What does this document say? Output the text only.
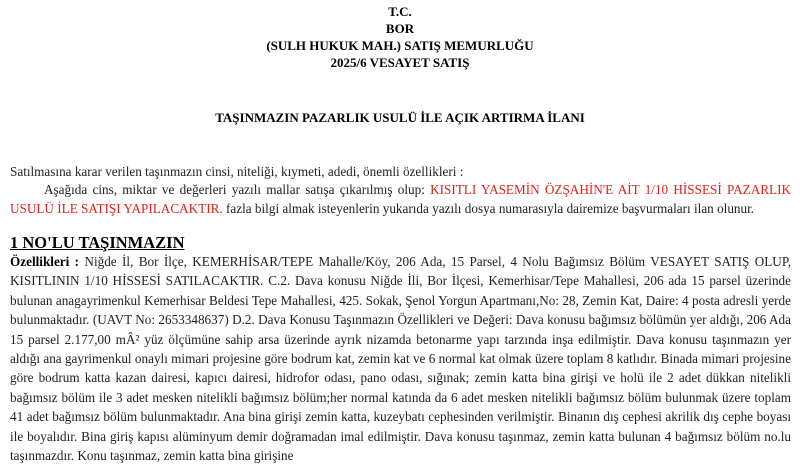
T.C.
BOR
(SULH HUKUK MAH.) SATIŞ MEMURLUĞU
2025/6 VESAYET SATIŞ
TAŞINMAZIN PAZARLIK USULÜ İLE AÇIK ARTIRMA İLANI

Satılmasına karar verilen taşınmazın cinsi, niteliği, kıymeti, adedi, önemli özellikleri :

Aşağıda cins, miktar ve değerleri yazılı mallar satışa çıkarılmış olup: KISITLI YASEMİN ÖZŞAHİN'E AİT 1/10 HİSSESİ PAZARLIK USULÜ İLE SATIŞI YAPILACAKTIR. fazla bilgi almak isteyenlerin yukarıda yazılı dosya numarasıyla dairemize başvurmaları ilan olunur.

1 NO'LU TAŞINMAZIN

Özellikleri : Niğde İl, Bor İlçe, KEMERHİSAR/TEPE Mahalle/Köy, 206 Ada, 15 Parsel, 4 Nolu Bağımsız Bölüm VESAYET SATIŞ OLUP, KISITLININ 1/10 HİSSESİ SATILACAKTIR. C.2. Dava konusu Niğde İli, Bor İlçesi, Kemerhisar/Tepe Mahallesi, 206 ada 15 parsel üzerinde bulunan anagayrimenkul Kemerhisar Beldesi Tepe Mahallesi, 425. Sokak, Şenol Yorgun Apartmanı,No: 28, Zemin Kat, Daire: 4 posta adresli yerde bulunmaktadır. (UAVT No: 2653348637) D.2. Dava Konusu Taşınmazın Özellikleri ve Değeri: Dava konusu bağımsız bölümün yer aldığı, 206 Ada 15 parsel 2.177,00 mÂ² yüz ölçümüne sahip arsa üzerinde ayrık nizamda betonarme yapı tarzında inşa edilmiştir. Dava konusu taşınmazın yer aldığı ana gayrimenkul onaylı mimari projesine göre bodrum kat, zemin kat ve 6 normal kat olmak üzere toplam 8 katlıdır. Binada mimari projesine göre bodrum katta kazan dairesi, kapıcı dairesi, hidrofor odası, pano odası, sığınak; zemin katta bina girişi ve holü ile 2 adet dükkan nitelikli bağımsız bölüm ile 3 adet mesken nitelikli bağımsız bölüm;her normal katında da 6 adet mesken nitelikli bağımsız bölüm bulunmak üzere toplam 41 adet bağımsız bölüm bulunmaktadır. Ana bina girişi zemin katta, kuzeybatı cephesinden verilmiştir. Binanın dış cephesi akrilik dış cephe boyası ile boyalıdır. Bina giriş kapısı alüminyum demir doğramadan imal edilmiştir. Dava konusu taşınmaz, zemin katta bulunan 4 bağımsız bölüm no.lu taşınmazdır. Konu taşınmaz, zemin katta bina girişine
